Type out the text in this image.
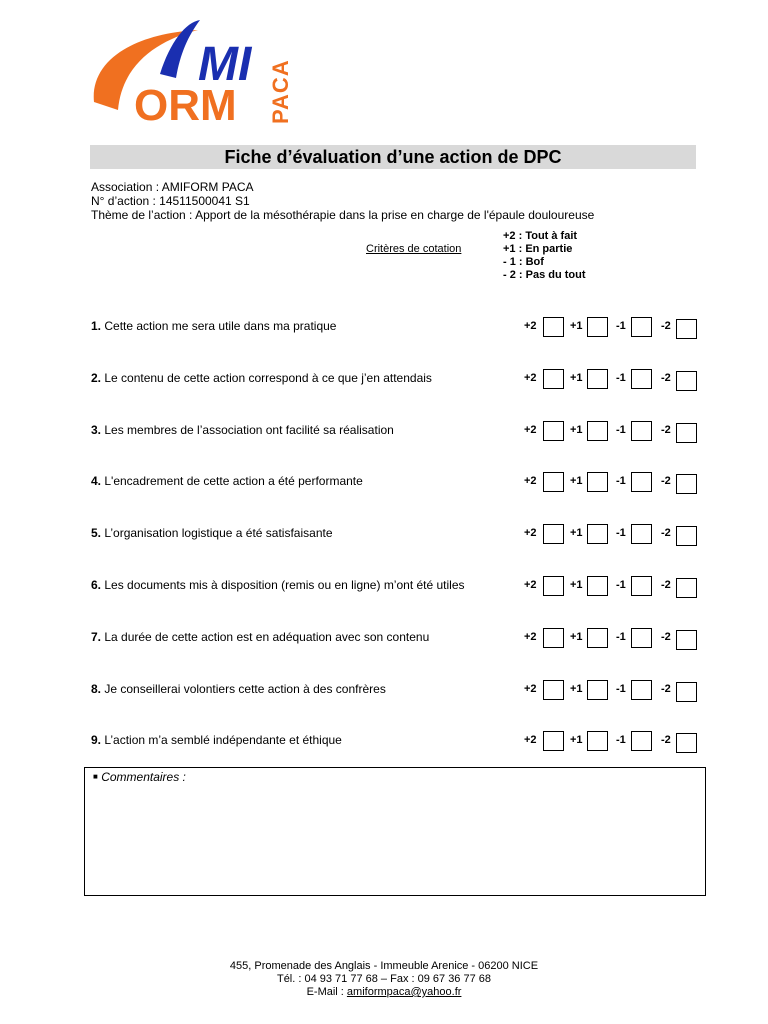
MI
ORM PACA
Fiche d’évaluation d’une action de DPC
Association : AMIFORM PACA
N° d’action : 14511500041 S1
Thème de l’action : Apport de la mésothérapie dans la prise en charge de l'épaule douloureuse
Critères de cotation
+2 : Tout à fait
+1 : En partie
- 1 : Bof
- 2 : Pas du tout
1. Cette action me sera utile dans ma pratique	+2	+1	-1	-2
2. Le contenu de cette action correspond à ce que j’en attendais	+2	+1	-1	-2
3. Les membres de l’association ont facilité sa réalisation	+2	+1	-1	-2
4. L'encadrement de cette action a été performante	+2	+1	-1	-2
5. L’organisation logistique a été satisfaisante	+2	+1	-1	-2
6. Les documents mis à disposition (remis ou en ligne) m’ont été utiles	+2	+1	-1	-2
7. La durée de cette action est en adéquation avec son contenu	+2	+1	-1	-2
8. Je conseillerai volontiers cette action à des confrères	+2	+1	-1	-2
9. L’action m’a semblé indépendante et éthique	+2	+1	-1	-2
■ Commentaires :
455, Promenade des Anglais - Immeuble Arenice - 06200 NICE
Tél. : 04 93 71 77 68 – Fax : 09 67 36 77 68
E-Mail : amiformpaca@yahoo.fr
